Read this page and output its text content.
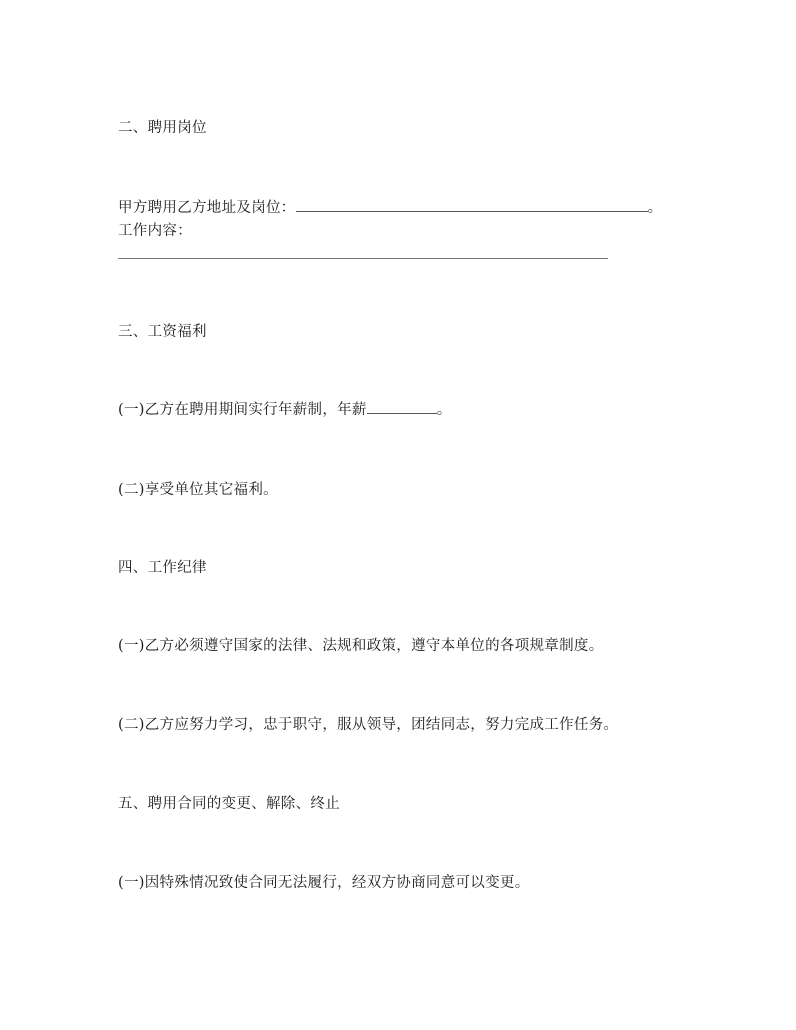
二、聘用岗位
甲方聘用乙方地址及岗位：	。
工作内容：
三、工资福利
(一)乙方在聘用期间实行年薪制，年薪	。
(二)享受单位其它福利。
四、工作纪律
(一)乙方必须遵守国家的法律、法规和政策，遵守本单位的各项规章制度。
(二)乙方应努力学习，忠于职守，服从领导，团结同志，努力完成工作任务。
五、聘用合同的变更、解除、终止
(一)因特殊情况致使合同无法履行，经双方协商同意可以变更。
